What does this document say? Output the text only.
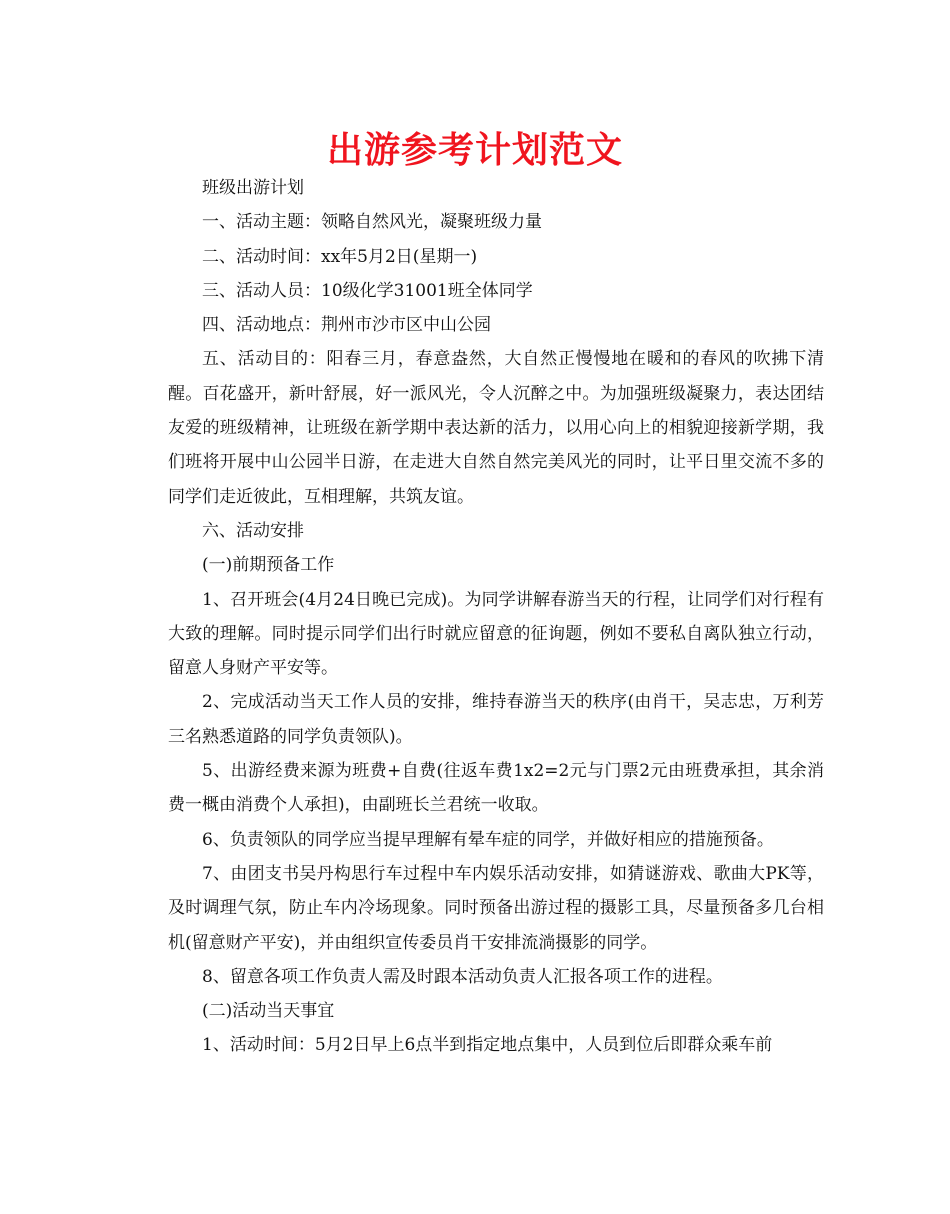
出游参考计划范文

班级出游计划

一、活动主题：领略自然风光，凝聚班级力量

二、活动时间：xx年5月2日(星期一)

三、活动人员：10级化学31001班全体同学

四、活动地点：荆州市沙市区中山公园

五、活动目的：阳春三月，春意盎然，大自然正慢慢地在暖和的春风的吹拂下清醒。百花盛开，新叶舒展，好一派风光，令人沉醉之中。为加强班级凝聚力，表达团结友爱的班级精神，让班级在新学期中表达新的活力，以用心向上的相貌迎接新学期，我们班将开展中山公园半日游，在走进大自然自然完美风光的同时，让平日里交流不多的同学们走近彼此，互相理解，共筑友谊。

六、活动安排

(一)前期预备工作

1、召开班会(4月24日晚已完成)。为同学讲解春游当天的行程，让同学们对行程有大致的理解。同时提示同学们出行时就应留意的征询题，例如不要私自离队独立行动，留意人身财产平安等。

2、完成活动当天工作人员的安排，维持春游当天的秩序(由肖干，吴志忠，万利芳三名熟悉道路的同学负责领队)。

5、出游经费来源为班费+自费(往返车费1x2=2元与门票2元由班费承担，其余消费一概由消费个人承担)，由副班长兰君统一收取。

6、负责领队的同学应当提早理解有晕车症的同学，并做好相应的措施预备。

7、由团支书吴丹构思行车过程中车内娱乐活动安排，如猜谜游戏、歌曲大PK等，及时调理气氛，防止车内冷场现象。同时预备出游过程的摄影工具，尽量预备多几台相机(留意财产平安)，并由组织宣传委员肖干安排流淌摄影的同学。

8、留意各项工作负责人需及时跟本活动负责人汇报各项工作的进程。

(二)活动当天事宜

1、活动时间：5月2日早上6点半到指定地点集中，人员到位后即群众乘车前
